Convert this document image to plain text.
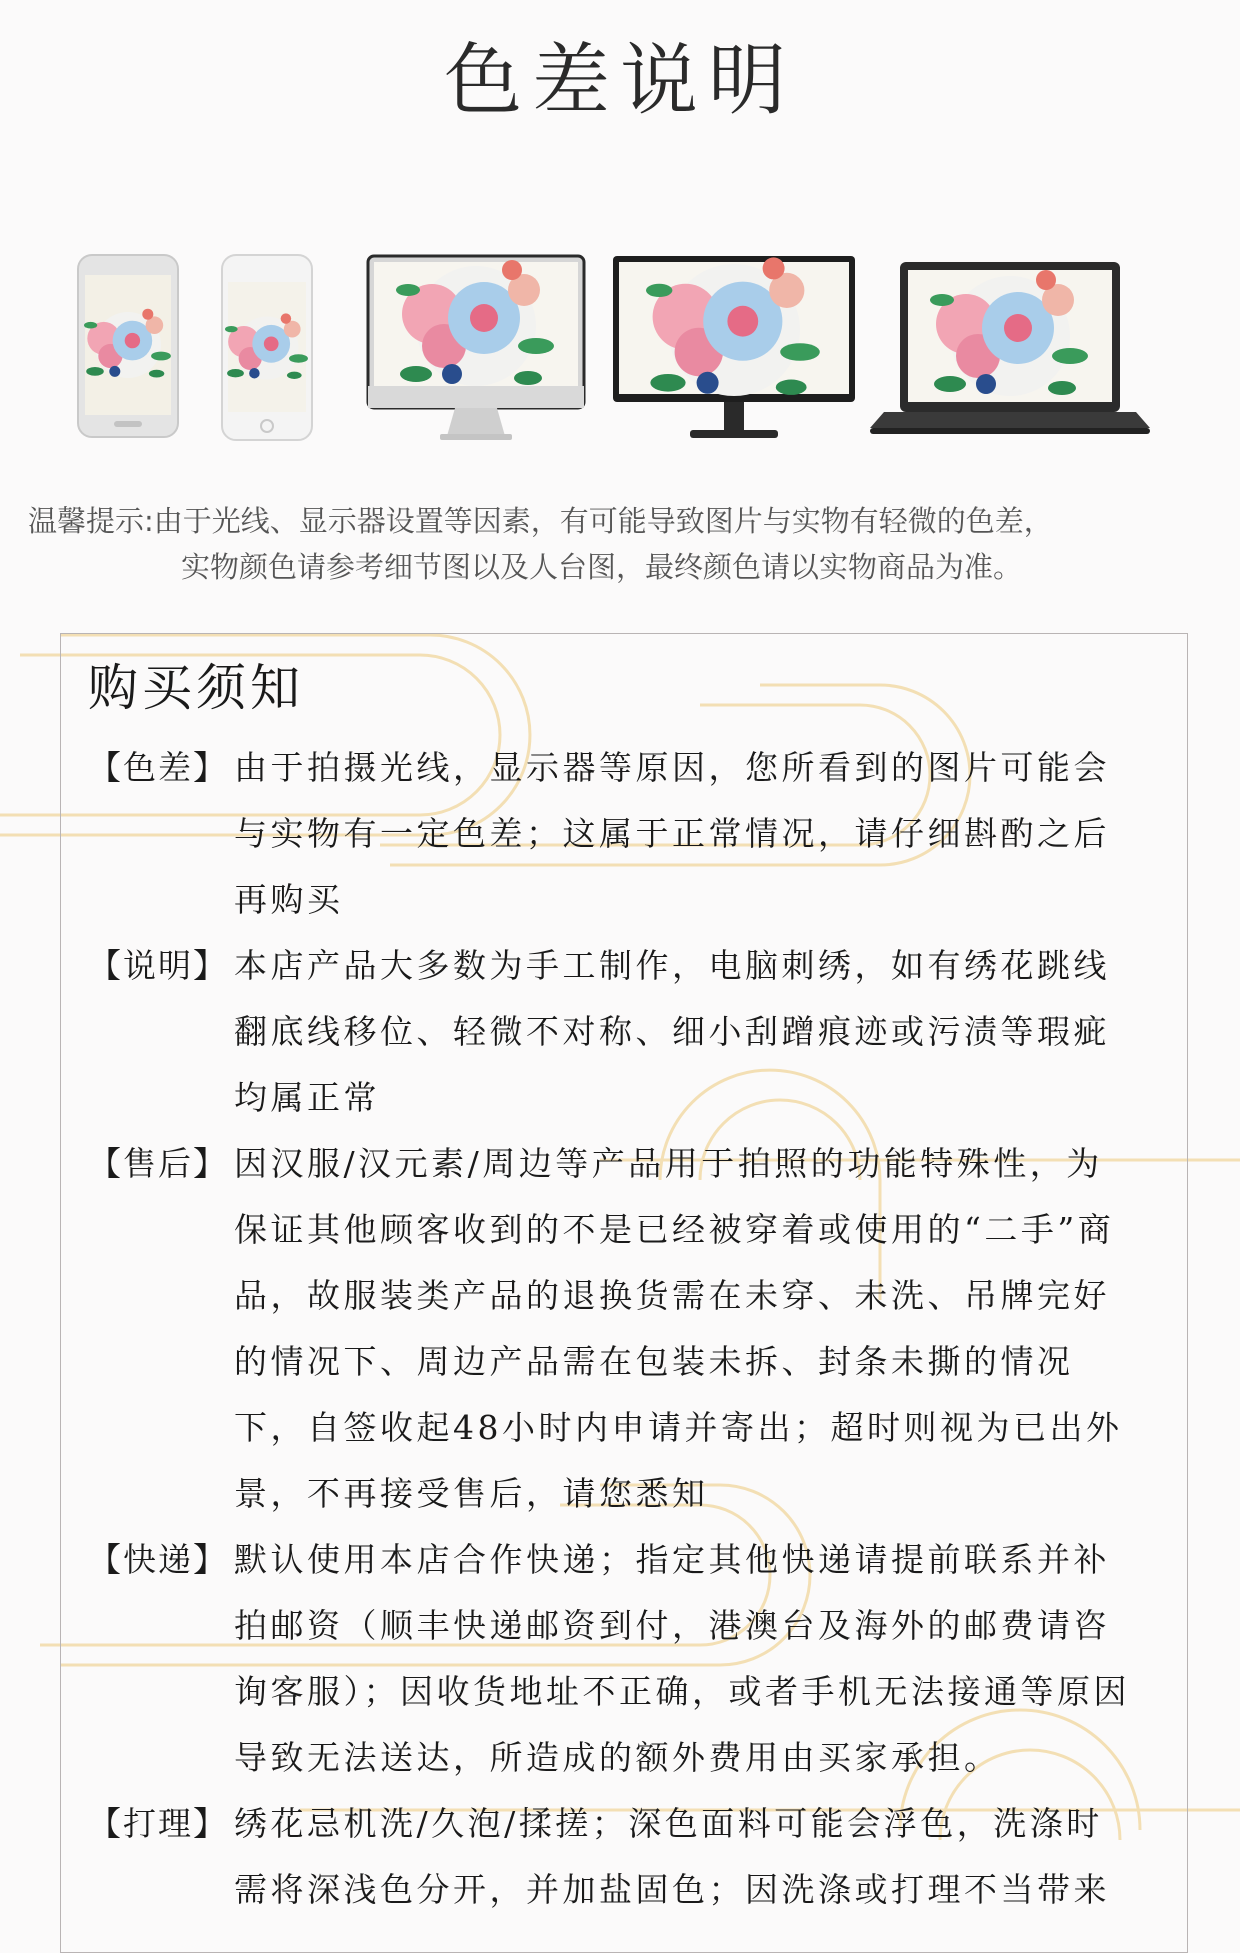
色差说明
温馨提示:由于光线、显示器设置等因素，有可能导致图片与实物有轻微的色差，
实物颜色请参考细节图以及人台图，最终颜色请以实物商品为准。
购买须知
【色差】 由于拍摄光线，显示器等原因，您所看到的图片可能会与实物有一定色差；这属于正常情况，请仔细斟酌之后再购买
【说明】 本店产品大多数为手工制作，电脑刺绣，如有绣花跳线翻底线移位、轻微不对称、细小刮蹭痕迹或污渍等瑕疵均属正常
【售后】 因汉服/汉元素/周边等产品用于拍照的功能特殊性，为保证其他顾客收到的不是已经被穿着或使用的“二手”商品，故服装类产品的退换货需在未穿、未洗、吊牌完好的情况下、周边产品需在包装未拆、封条未撕的情况下，自签收起48小时内申请并寄出；超时则视为已出外景，不再接受售后，请您悉知
【快递】 默认使用本店合作快递；指定其他快递请提前联系并补拍邮资（顺丰快递邮资到付，港澳台及海外的邮费请咨询客服）；因收货地址不正确，或者手机无法接通等原因导致无法送达，所造成的额外费用由买家承担。
【打理】 绣花忌机洗/久泡/揉搓；深色面料可能会浮色，洗涤时需将深浅色分开，并加盐固色；因洗涤或打理不当带来
